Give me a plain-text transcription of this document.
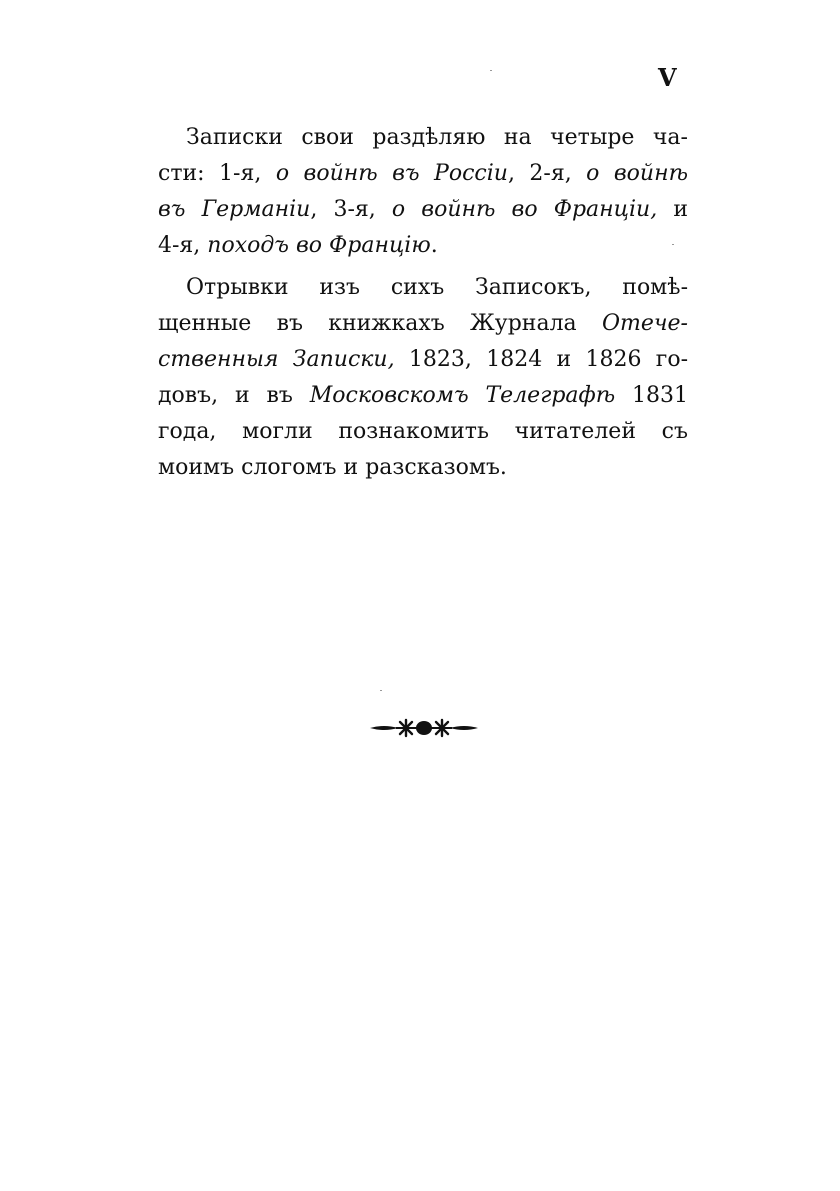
V
Записки свои раздѣляю на четыре ча-
сти: 1-я, о войнѣ въ Россіи, 2-я, о войнѣ
въ Германіи, 3-я, о войнѣ во Франціи, и
4-я, походъ во Францію.
Отрывки изъ сихъ Записокъ, помѣ-
щенные въ книжкахъ Журнала Отече-
ственныя Записки, 1823, 1824 и 1826 го-
довъ, и въ Московскомъ Телеграфѣ 1831
года, могли познакомить читателей съ
моимъ слогомъ и разсказомъ.
